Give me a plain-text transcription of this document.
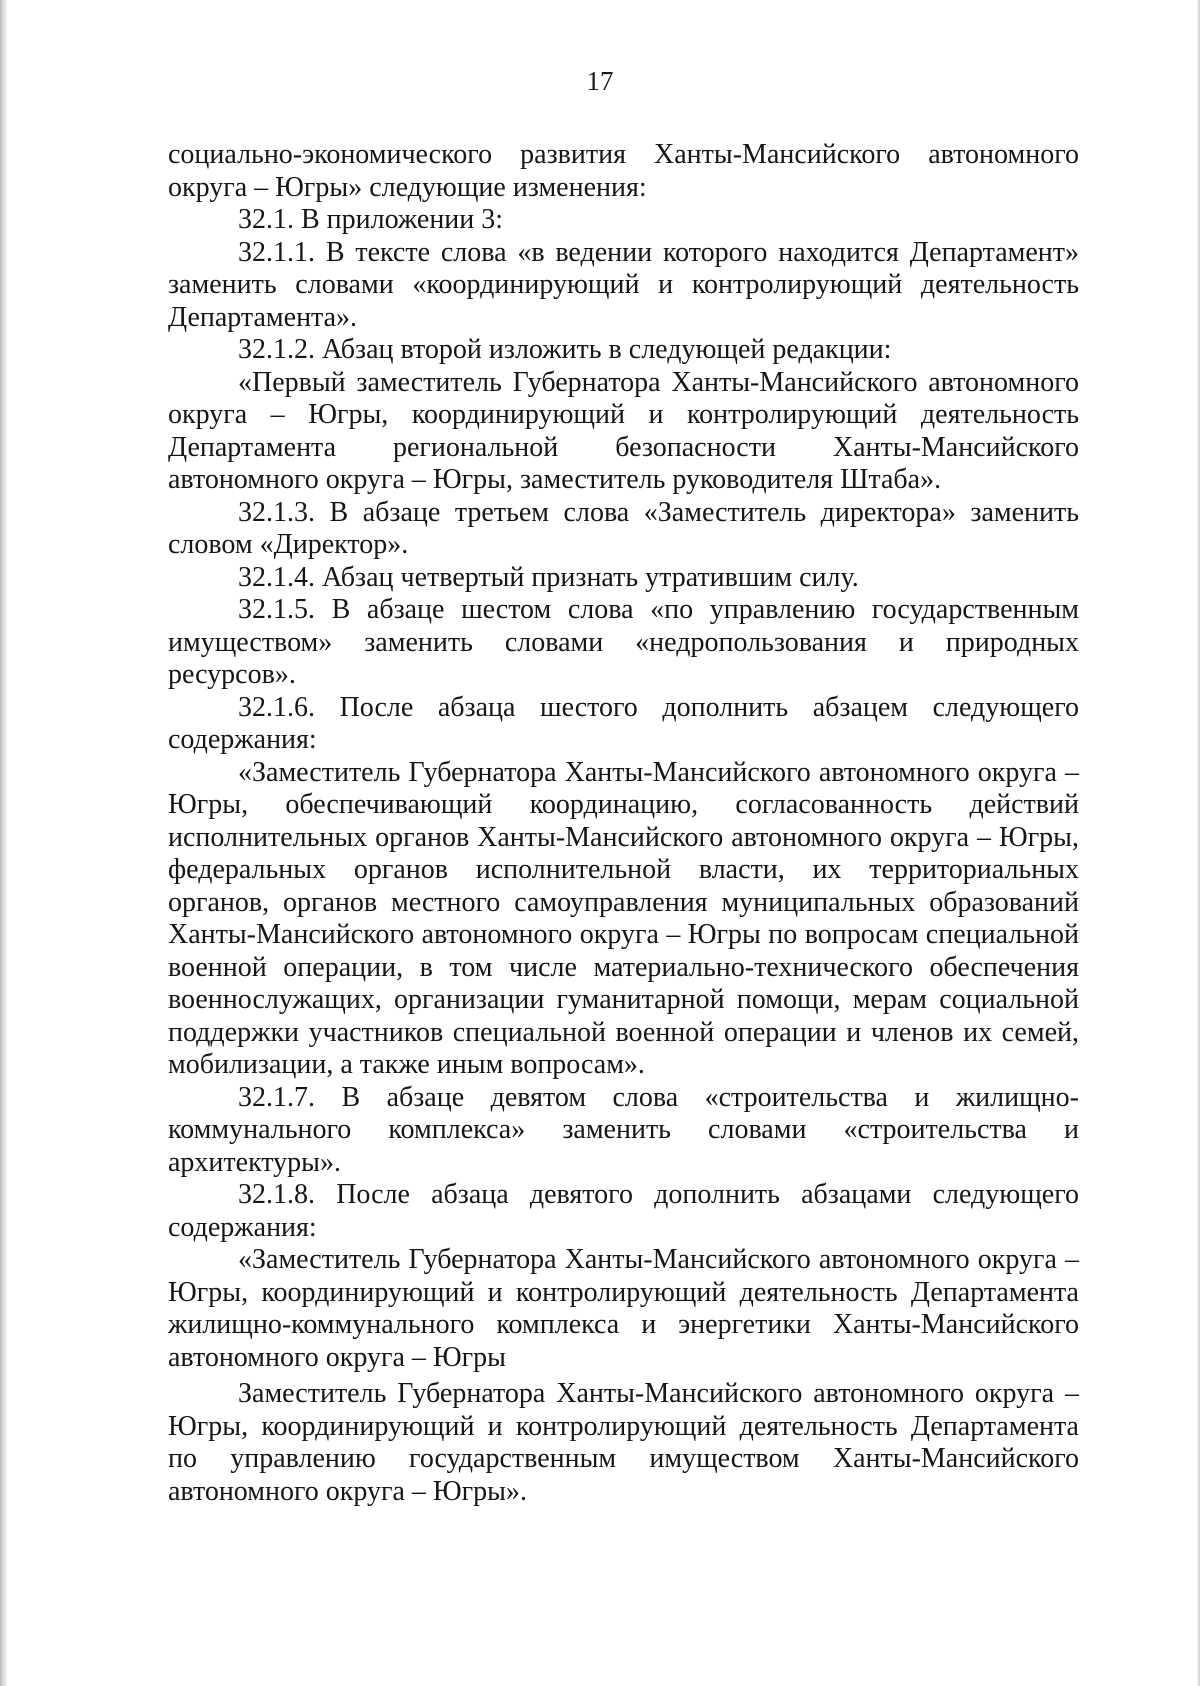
17

социально-экономического развития Ханты-Мансийского автономного округа – Югры» следующие изменения:

32.1. В приложении 3:

32.1.1. В тексте слова «в ведении которого находится Департамент» заменить словами «координирующий и контролирующий деятельность Департамента».

32.1.2. Абзац второй изложить в следующей редакции:

«Первый заместитель Губернатора Ханты-Мансийского автономного округа – Югры, координирующий и контролирующий деятельность Департамента региональной безопасности Ханты-Мансийского автономного округа – Югры, заместитель руководителя Штаба».

32.1.3. В абзаце третьем слова «Заместитель директора» заменить словом «Директор».

32.1.4. Абзац четвертый признать утратившим силу.

32.1.5. В абзаце шестом слова «по управлению государственным имуществом» заменить словами «недропользования и природных ресурсов».

32.1.6. После абзаца шестого дополнить абзацем следующего содержания:

«Заместитель Губернатора Ханты-Мансийского автономного округа – Югры, обеспечивающий координацию, согласованность действий исполнительных органов Ханты-Мансийского автономного округа – Югры, федеральных органов исполнительной власти, их территориальных органов, органов местного самоуправления муниципальных образований Ханты-Мансийского автономного округа – Югры по вопросам специальной военной операции, в том числе материально-технического обеспечения военнослужащих, организации гуманитарной помощи, мерам социальной поддержки участников специальной военной операции и членов их семей, мобилизации, а также иным вопросам».

32.1.7. В абзаце девятом слова «строительства и жилищно-коммунального комплекса» заменить словами «строительства и архитектуры».

32.1.8. После абзаца девятого дополнить абзацами следующего содержания:

«Заместитель Губернатора Ханты-Мансийского автономного округа – Югры, координирующий и контролирующий деятельность Департамента жилищно-коммунального комплекса и энергетики Ханты-Мансийского автономного округа – Югры

Заместитель Губернатора Ханты-Мансийского автономного округа – Югры, координирующий и контролирующий деятельность Департамента по управлению государственным имуществом Ханты-Мансийского автономного округа – Югры».
